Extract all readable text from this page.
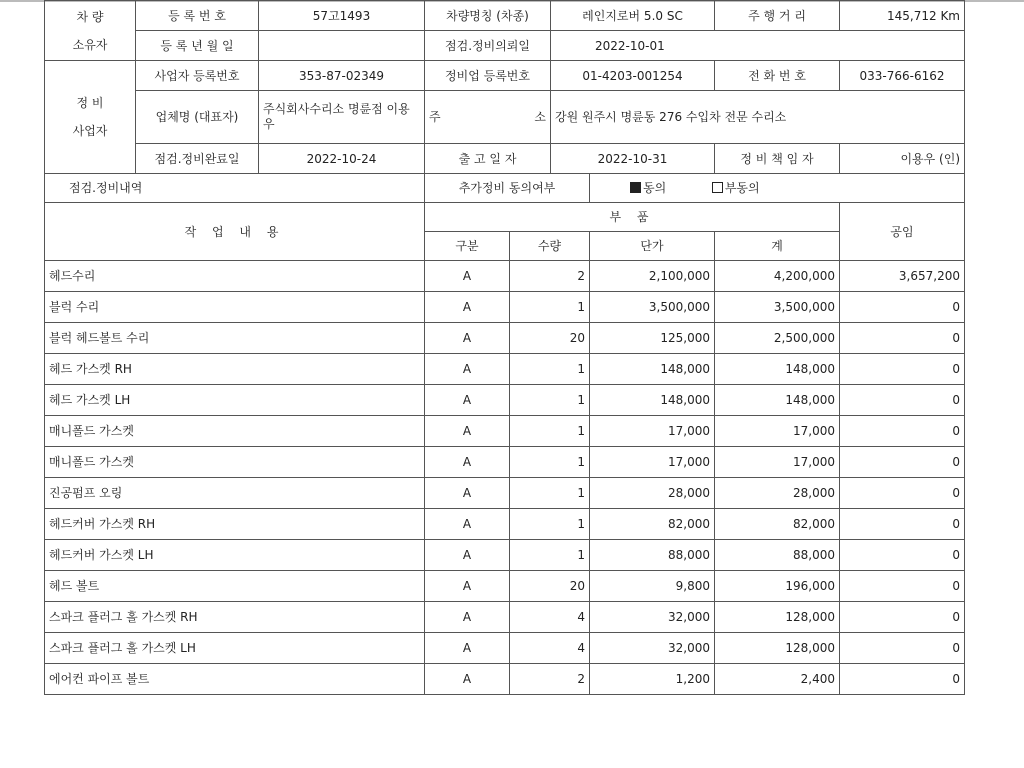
차 량
소유자	등 록 번 호	57고1493	차량명칭 (차종)	레인지로버 5.0 SC	주 행 거 리	145,712 Km
	등 록 년 월 일		점검.정비의뢰일	2022-10-01		

정 비
사업자	사업자 등록번호	353-87-02349	정비업 등록번호	01-4203-001254	전 화 번 호	033-766-6162
	업체명 (대표자)	주식회사수리소 명륜점 이용우	주 소	강원 원주시 명륜동 276 수입차 전문 수리소		
	점검.정비완료일	2022-10-24	출 고 일 자	2022-10-31	정 비 책 임 자	이용우 (인)
점검.정비내역	추가정비 동의여부	동의	부동의
작 업 내 용	부 품				공임
	구분	수량	단가	계	
헤드수리	A	2	2,100,000	4,200,000	3,657,200
블럭 수리	A	1	3,500,000	3,500,000	0
블럭 헤드볼트 수리	A	20	125,000	2,500,000	0
헤드 가스켓 RH	A	1	148,000	148,000	0
헤드 가스켓 LH	A	1	148,000	148,000	0
매니폴드 가스켓	A	1	17,000	17,000	0
매니폴드 가스켓	A	1	17,000	17,000	0
진공펌프 오링	A	1	28,000	28,000	0
헤드커버 가스켓 RH	A	1	82,000	82,000	0
헤드커버 가스켓 LH	A	1	88,000	88,000	0
헤드 볼트	A	20	9,800	196,000	0
스파크 플러그 홀 가스켓 RH	A	4	32,000	128,000	0
스파크 플러그 홀 가스켓 LH	A	4	32,000	128,000	0
에어컨 파이프 볼트	A	2	1,200	2,400	0
